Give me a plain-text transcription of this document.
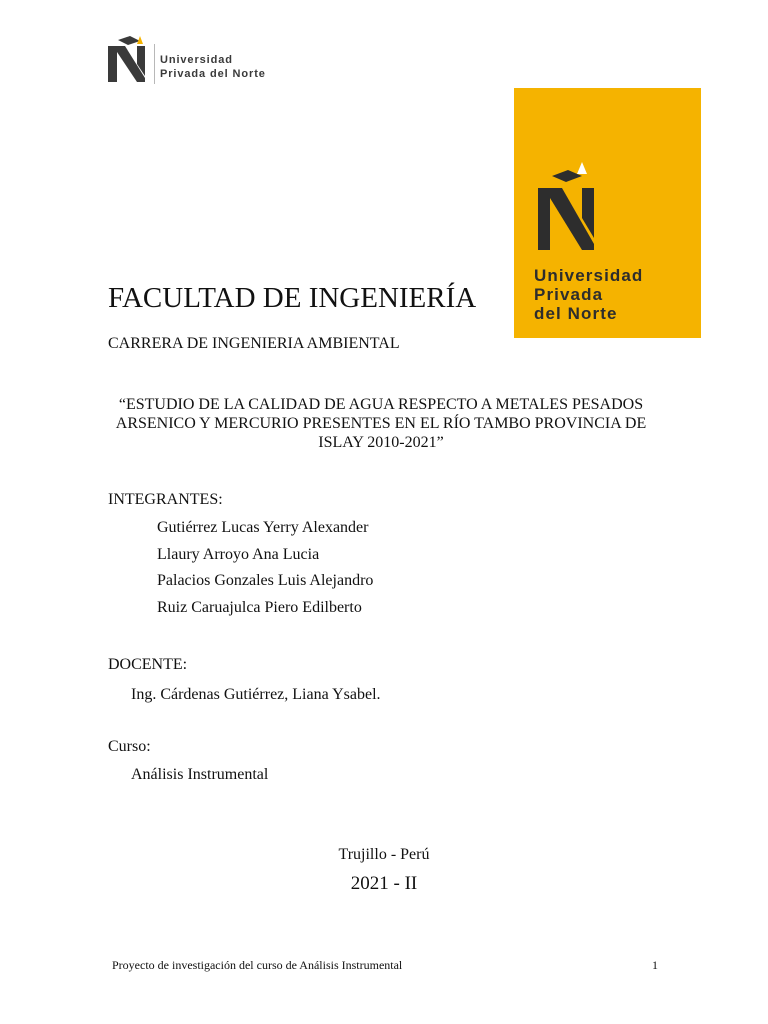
Universidad
Privada del Norte
Universidad
Privada
del Norte
FACULTAD DE INGENIERÍA
CARRERA DE INGENIERIA AMBIENTAL
“ESTUDIO DE LA CALIDAD DE AGUA RESPECTO A METALES PESADOS ARSENICO Y MERCURIO PRESENTES EN EL RÍO TAMBO PROVINCIA DE ISLAY 2010-2021”
INTEGRANTES:
Gutiérrez Lucas Yerry Alexander
Llaury Arroyo Ana Lucia
Palacios Gonzales Luis Alejandro
Ruiz Caruajulca Piero Edilberto
DOCENTE:
Ing. Cárdenas Gutiérrez, Liana Ysabel.
Curso:
Análisis Instrumental
Trujillo - Perú
2021 - II
Proyecto de investigación del curso de Análisis Instrumental	1
